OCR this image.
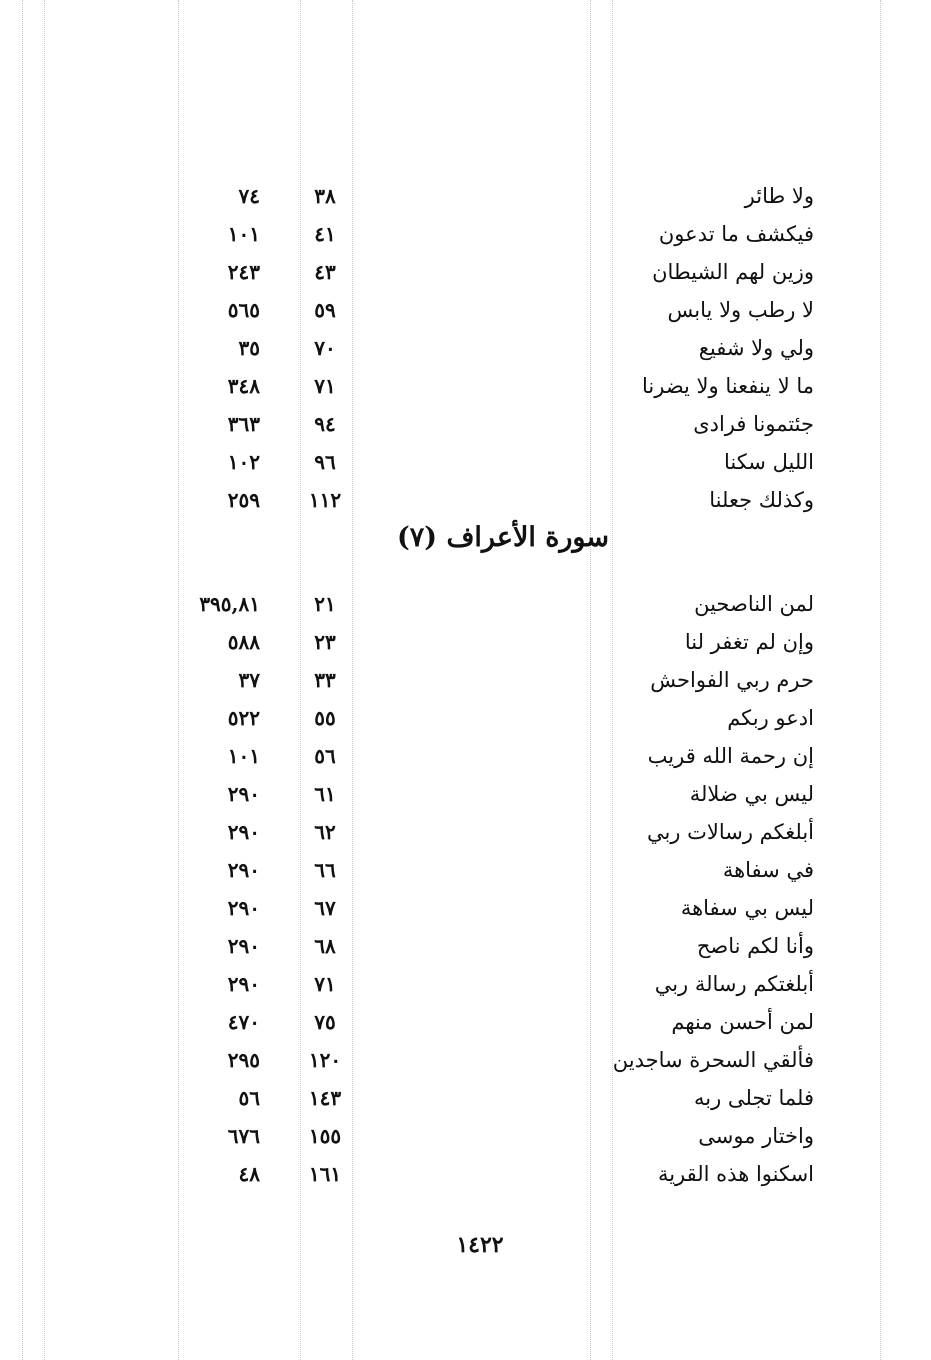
ولا طائر
٣٨
٧٤
فيكشف ما تدعون
٤١
١٠١
وزين لهم الشيطان
٤٣
٢٤٣
لا رطب ولا يابس
٥٩
٥٦٥
ولي ولا شفيع
٧٠
٣٥
ما لا ينفعنا ولا يضرنا
٧١
٣٤٨
جئتمونا فرادى
٩٤
٣٦٣
الليل سكنا
٩٦
١٠٢
وكذلك جعلنا
١١٢
٢٥٩
سورة الأعراف (٧)
لمن الناصحين
٢١
٣٩٥,٨١
وإن لم تغفر لنا
٢٣
٥٨٨
حرم ربي الفواحش
٣٣
٣٧
ادعو ربكم
٥٥
٥٢٢
إن رحمة الله قريب
٥٦
١٠١
ليس بي ضلالة
٦١
٢٩٠
أبلغكم رسالات ربي
٦٢
٢٩٠
في سفاهة
٦٦
٢٩٠
ليس بي سفاهة
٦٧
٢٩٠
وأنا لكم ناصح
٦٨
٢٩٠
أبلغتكم رسالة ربي
٧١
٢٩٠
لمن أحسن منهم
٧٥
٤٧٠
فألقي السحرة ساجدين
١٢٠
٢٩٥
فلما تجلى ربه
١٤٣
٥٦
واختار موسى
١٥٥
٦٧٦
اسكنوا هذه القرية
١٦١
٤٨
١٤٢٢
